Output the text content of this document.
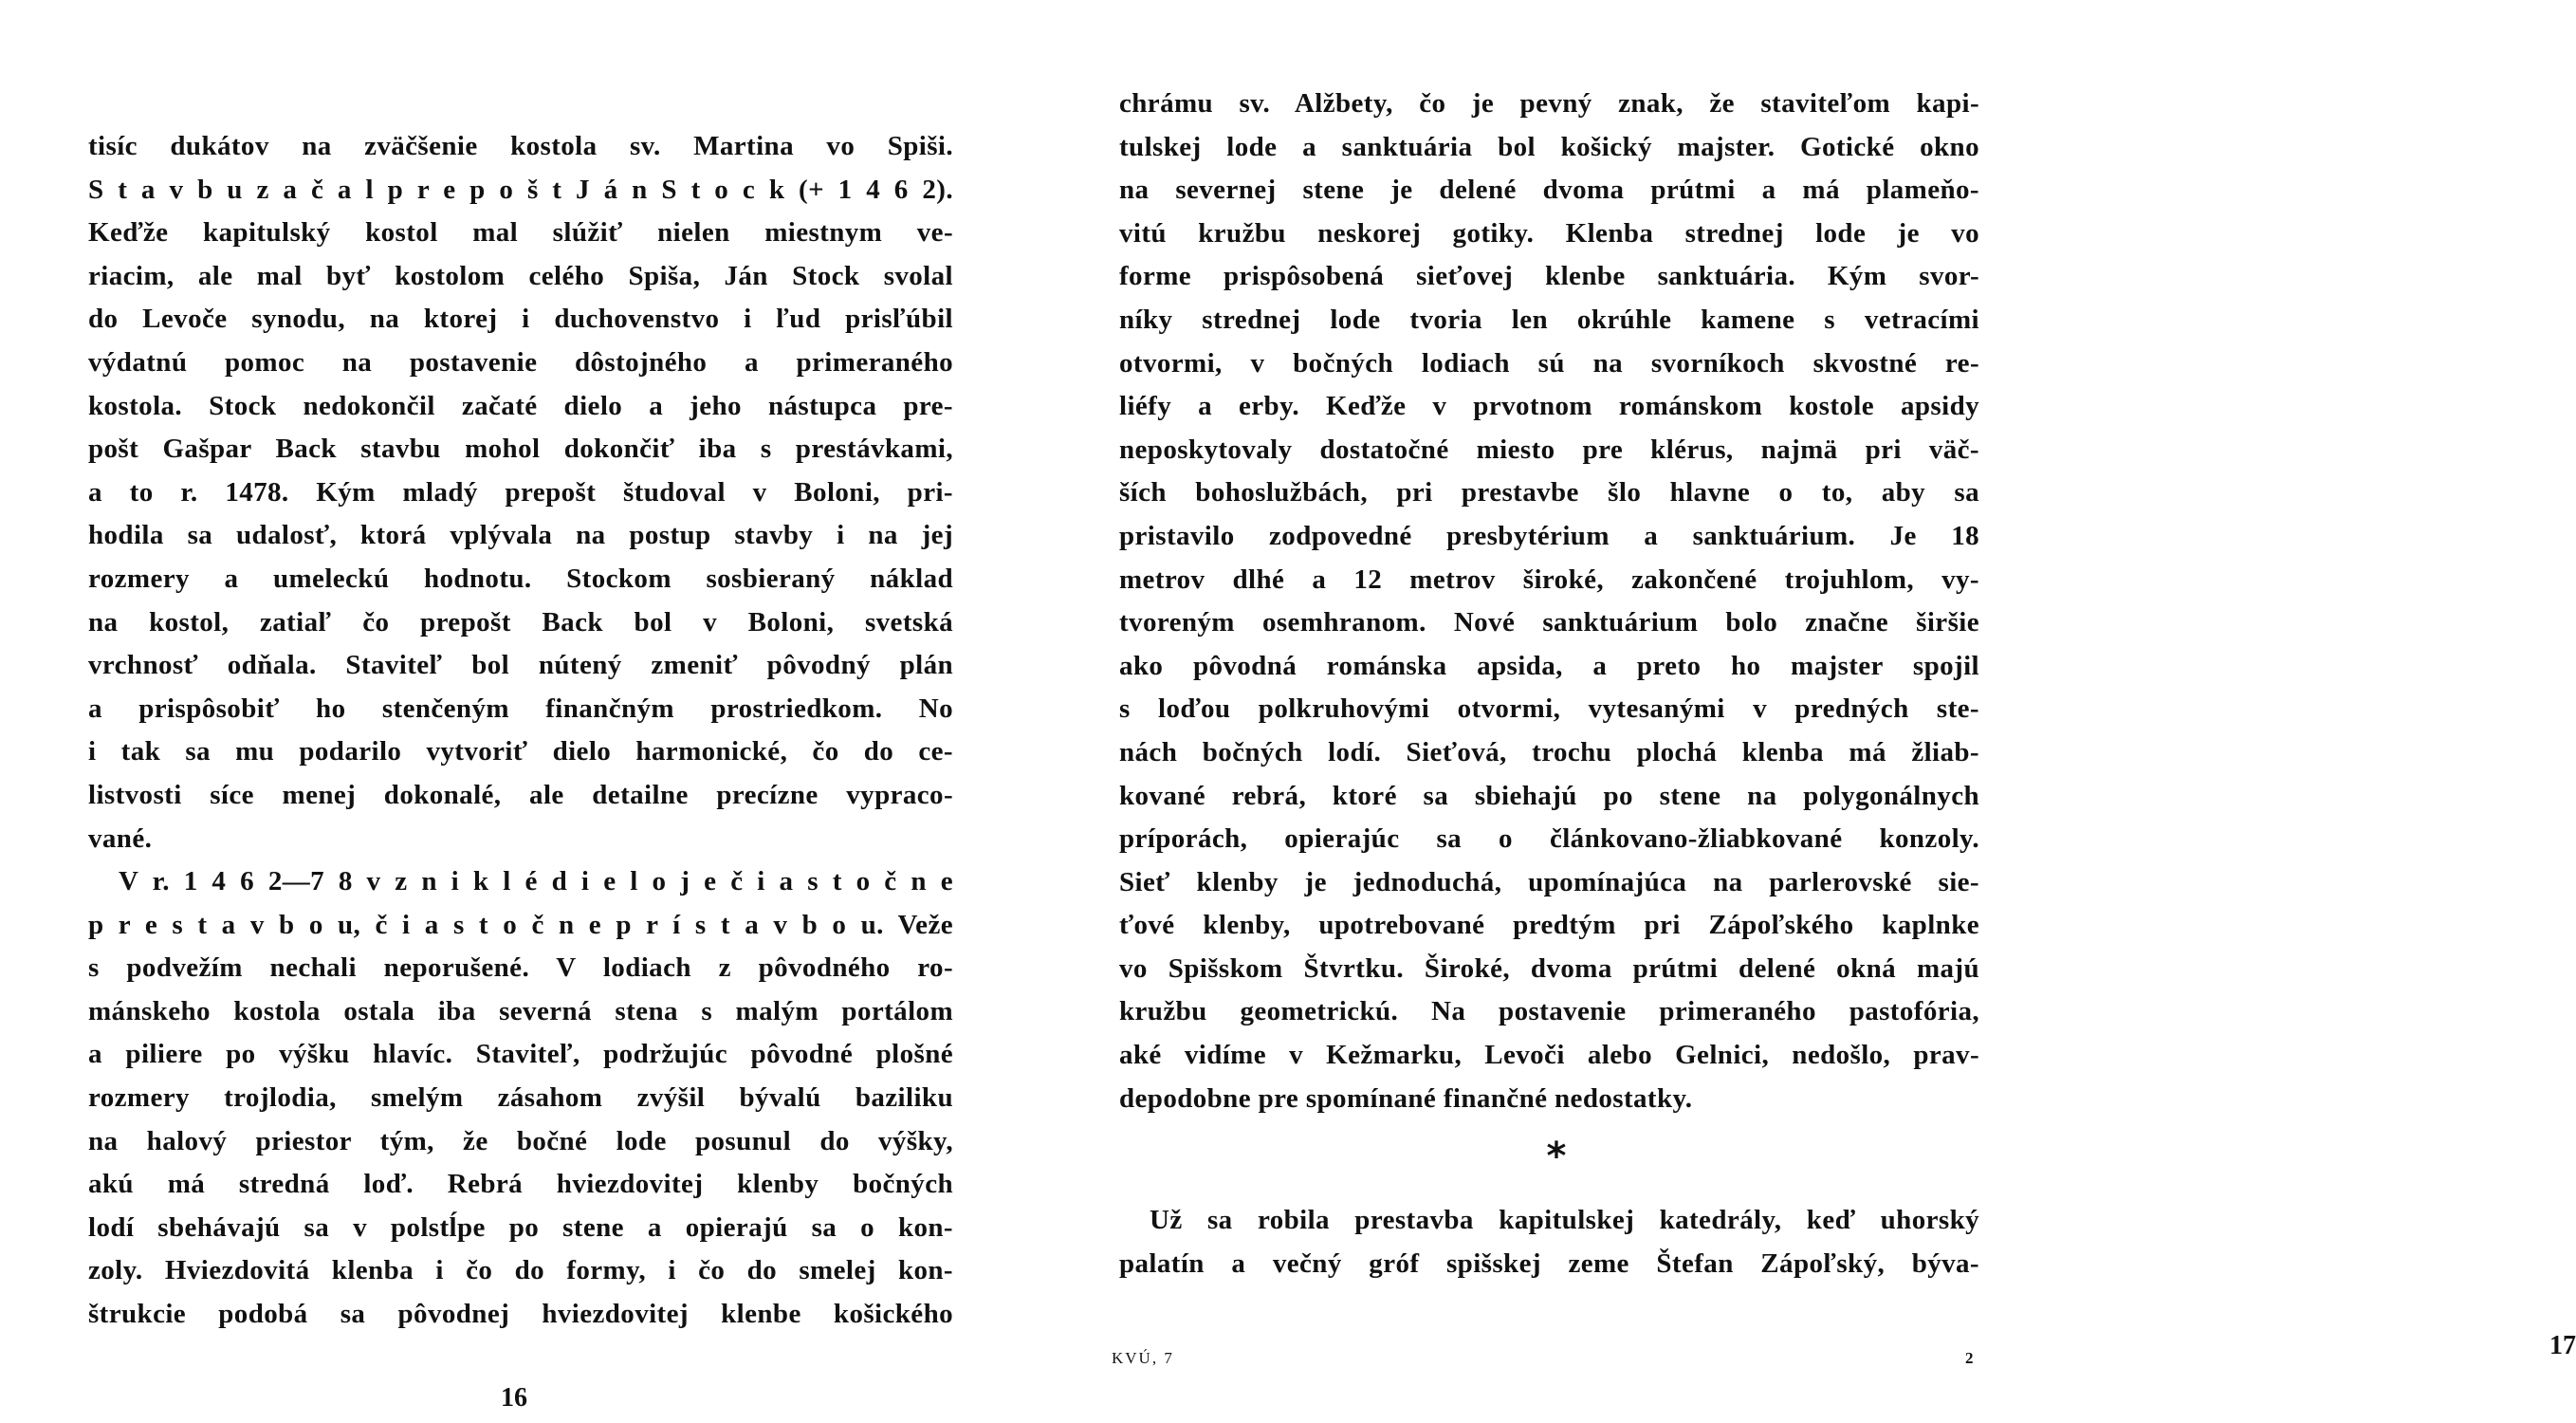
tisíc dukátov na zväčšenie kostola sv. Martina vo Spiši.
S t a v b u z a č a l p r e p o š t J á n S t o c k (+ 1 4 6 2).
Keďže kapitulský kostol mal slúžiť nielen miestnym ve-
riacim, ale mal byť kostolom celého Spiša, Ján Stock svolal
do Levoče synodu, na ktorej i duchovenstvo i ľud prisľúbil
výdatnú pomoc na postavenie dôstojného a primeraného
kostola. Stock nedokončil začaté dielo a jeho nástupca pre-
pošt Gašpar Back stavbu mohol dokončiť iba s prestávkami,
a to r. 1478. Kým mladý prepošt študoval v Boloni, pri-
hodila sa udalosť, ktorá vplývala na postup stavby i na jej
rozmery a umeleckú hodnotu. Stockom sosbieraný náklad
na kostol, zatiaľ čo prepošt Back bol v Boloni, svetská
vrchnosť odňala. Staviteľ bol nútený zmeniť pôvodný plán
a prispôsobiť ho stenčeným finančným prostriedkom. No
i tak sa mu podarilo vytvoriť dielo harmonické, čo do ce-
listvosti síce menej dokonalé, ale detailne precízne vypraco-
vané.
V r. 1 4 6 2—7 8 v z n i k l é d i e l o j e č i a s t o č n e
p r e s t a v b o u, č i a s t o č n e p r í s t a v b o u. Veže
s podvežím nechali neporušené. V lodiach z pôvodného ro-
mánskeho kostola ostala iba severná stena s malým portálom
a piliere po výšku hlavíc. Staviteľ, podržujúc pôvodné plošné
rozmery trojlodia, smelým zásahom zvýšil bývalú baziliku
na halový priestor tým, že bočné lode posunul do výšky,
akú má stredná loď. Rebrá hviezdovitej klenby bočných
lodí sbehávajú sa v polstĺpe po stene a opierajú sa o kon-
zoly. Hviezdovitá klenba i čo do formy, i čo do smelej kon-
štrukcie podobá sa pôvodnej hviezdovitej klenbe košického
16
chrámu sv. Alžbety, čo je pevný znak, že staviteľom kapi-
tulskej lode a sanktuária bol košický majster. Gotické okno
na severnej stene je delené dvoma prútmi a má plameňo-
vitú kružbu neskorej gotiky. Klenba strednej lode je vo
forme prispôsobená sieťovej klenbe sanktuária. Kým svor-
níky strednej lode tvoria len okrúhle kamene s vetracími
otvormi, v bočných lodiach sú na svorníkoch skvostné re-
liéfy a erby. Keďže v prvotnom románskom kostole apsidy
neposkytovaly dostatočné miesto pre klérus, najmä pri väč-
ších bohoslužbách, pri prestavbe šlo hlavne o to, aby sa
pristavilo zodpovedné presbytérium a sanktuárium. Je 18
metrov dlhé a 12 metrov široké, zakončené trojuhlom, vy-
tvoreným osemhranom. Nové sanktuárium bolo značne širšie
ako pôvodná románska apsida, a preto ho majster spojil
s loďou polkruhovými otvormi, vytesanými v predných ste-
nách bočných lodí. Sieťová, trochu plochá klenba má žliab-
kované rebrá, ktoré sa sbiehajú po stene na polygonálnych
príporách, opierajúc sa o článkovano-žliabkované konzoly.
Sieť klenby je jednoduchá, upomínajúca na parlerovské sie-
ťové klenby, upotrebované predtým pri Zápoľského kaplnke
vo Spišskom Štvrtku. Široké, dvoma prútmi delené okná majú
kružbu geometrickú. Na postavenie primeraného pastofória,
aké vidíme v Kežmarku, Levoči alebo Gelnici, nedošlo, prav-
depodobne pre spomínané finančné nedostatky.
Už sa robila prestavba kapitulskej katedrály, keď uhorský
palatín a večný gróf spišskej zeme Štefan Zápoľský, býva-
17
*
KVÚ, 7	2
